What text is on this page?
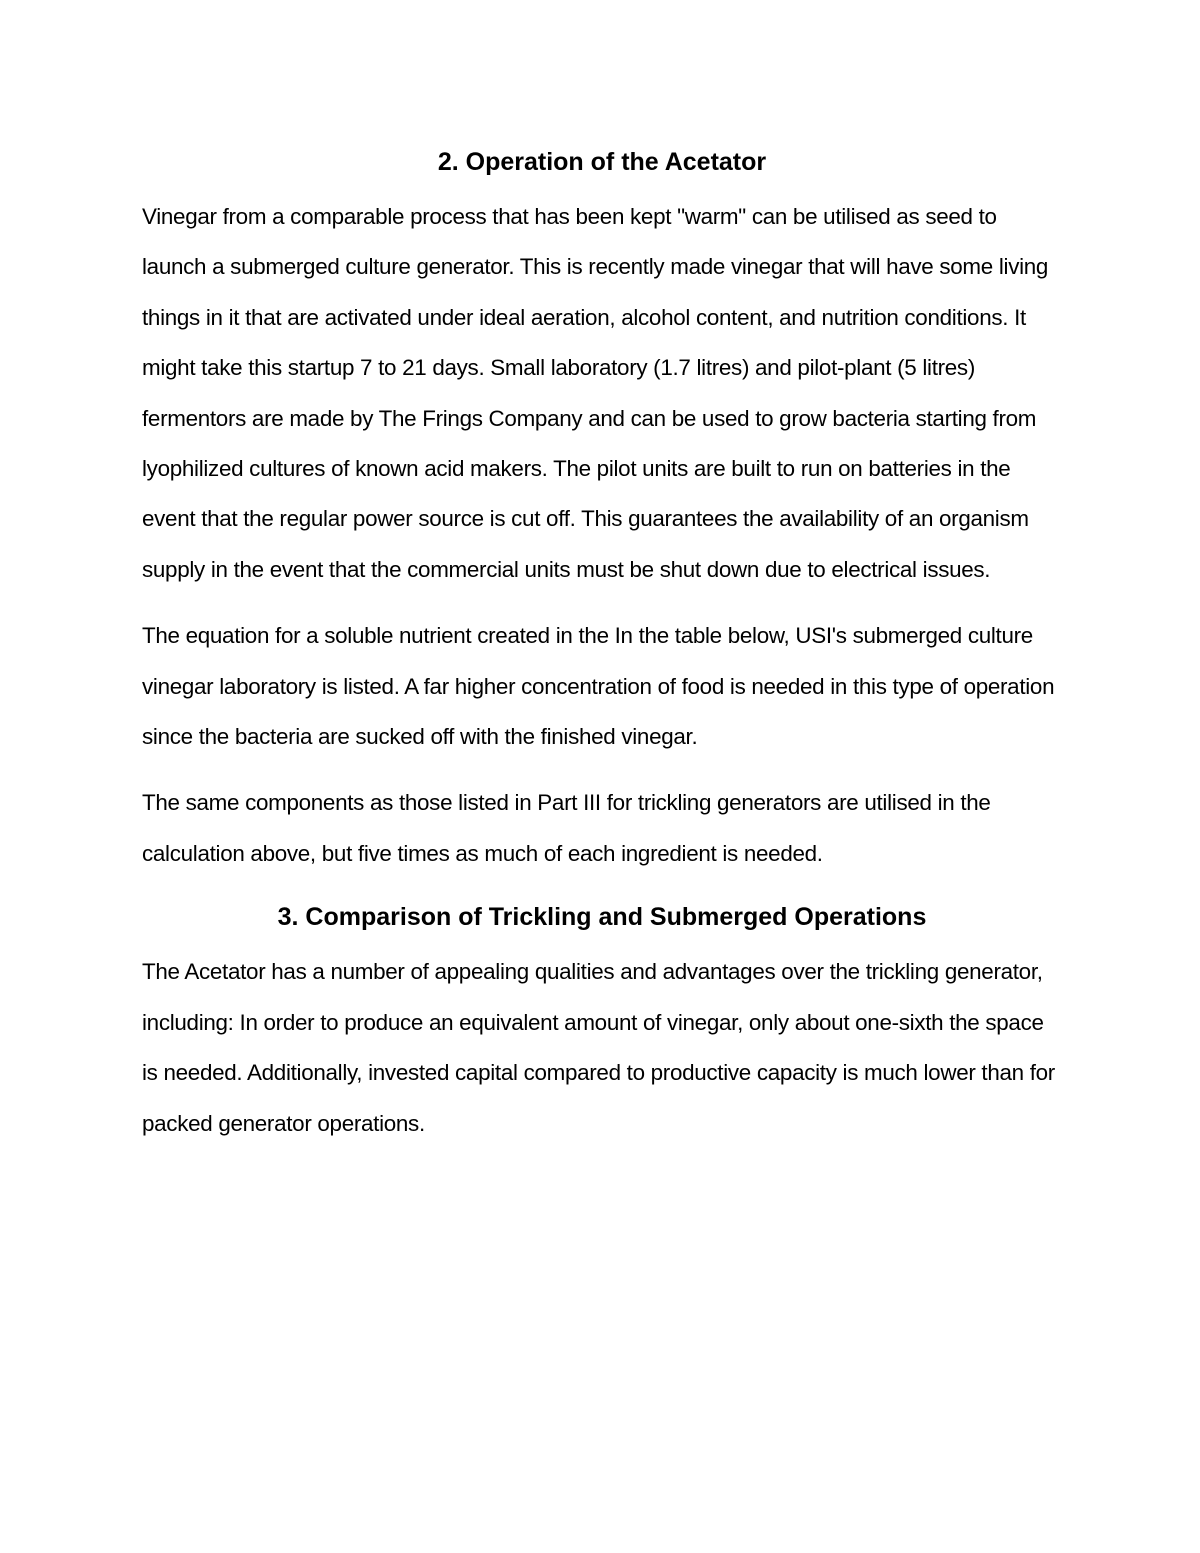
2. Operation of the Acetator

Vinegar from a comparable process that has been kept "warm" can be utilised as seed to launch a submerged culture generator. This is recently made vinegar that will have some living things in it that are activated under ideal aeration, alcohol content, and nutrition conditions. It might take this startup 7 to 21 days. Small laboratory (1.7 litres) and pilot-plant (5 litres) fermentors are made by The Frings Company and can be used to grow bacteria starting from lyophilized cultures of known acid makers. The pilot units are built to run on batteries in the event that the regular power source is cut off. This guarantees the availability of an organism supply in the event that the commercial units must be shut down due to electrical issues.

The equation for a soluble nutrient created in the In the table below, USI's submerged culture vinegar laboratory is listed. A far higher concentration of food is needed in this type of operation since the bacteria are sucked off with the finished vinegar.

The same components as those listed in Part III for trickling generators are utilised in the calculation above, but five times as much of each ingredient is needed.

3. Comparison of Trickling and Submerged Operations

The Acetator has a number of appealing qualities and advantages over the trickling generator, including: In order to produce an equivalent amount of vinegar, only about one-sixth the space is needed. Additionally, invested capital compared to productive capacity is much lower than for packed generator operations.
